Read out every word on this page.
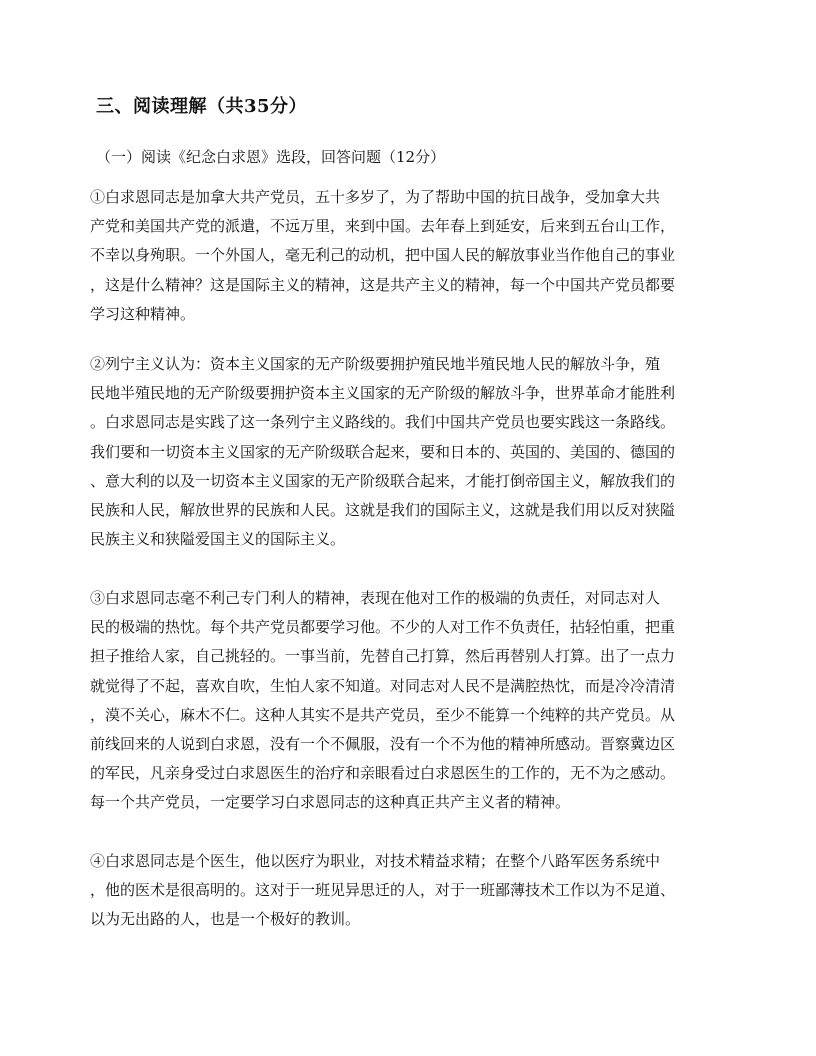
三、阅读理解（共35分）
（一）阅读《纪念白求恩》选段，回答问题（12分）
①白求恩同志是加拿大共产党员，五十多岁了，为了帮助中国的抗日战争，受加拿大共
产党和美国共产党的派遣，不远万里，来到中国。去年春上到延安，后来到五台山工作，
不幸以身殉职。一个外国人，毫无利己的动机，把中国人民的解放事业当作他自己的事业
，这是什么精神？这是国际主义的精神，这是共产主义的精神，每一个中国共产党员都要
学习这种精神。
②列宁主义认为：资本主义国家的无产阶级要拥护殖民地半殖民地人民的解放斗争，殖
民地半殖民地的无产阶级要拥护资本主义国家的无产阶级的解放斗争，世界革命才能胜利
。白求恩同志是实践了这一条列宁主义路线的。我们中国共产党员也要实践这一条路线。
我们要和一切资本主义国家的无产阶级联合起来，要和日本的、英国的、美国的、德国的
、意大利的以及一切资本主义国家的无产阶级联合起来，才能打倒帝国主义，解放我们的
民族和人民，解放世界的民族和人民。这就是我们的国际主义，这就是我们用以反对狭隘
民族主义和狭隘爱国主义的国际主义。
③白求恩同志毫不利己专门利人的精神，表现在他对工作的极端的负责任，对同志对人
民的极端的热忱。每个共产党员都要学习他。不少的人对工作不负责任，拈轻怕重，把重
担子推给人家，自己挑轻的。一事当前，先替自己打算，然后再替别人打算。出了一点力
就觉得了不起，喜欢自吹，生怕人家不知道。对同志对人民不是满腔热忱，而是冷冷清清
，漠不关心，麻木不仁。这种人其实不是共产党员，至少不能算一个纯粹的共产党员。从
前线回来的人说到白求恩，没有一个不佩服，没有一个不为他的精神所感动。晋察冀边区
的军民，凡亲身受过白求恩医生的治疗和亲眼看过白求恩医生的工作的，无不为之感动。
每一个共产党员，一定要学习白求恩同志的这种真正共产主义者的精神。
④白求恩同志是个医生，他以医疗为职业，对技术精益求精；在整个八路军医务系统中
，他的医术是很高明的。这对于一班见异思迁的人，对于一班鄙薄技术工作以为不足道、
以为无出路的人，也是一个极好的教训。
